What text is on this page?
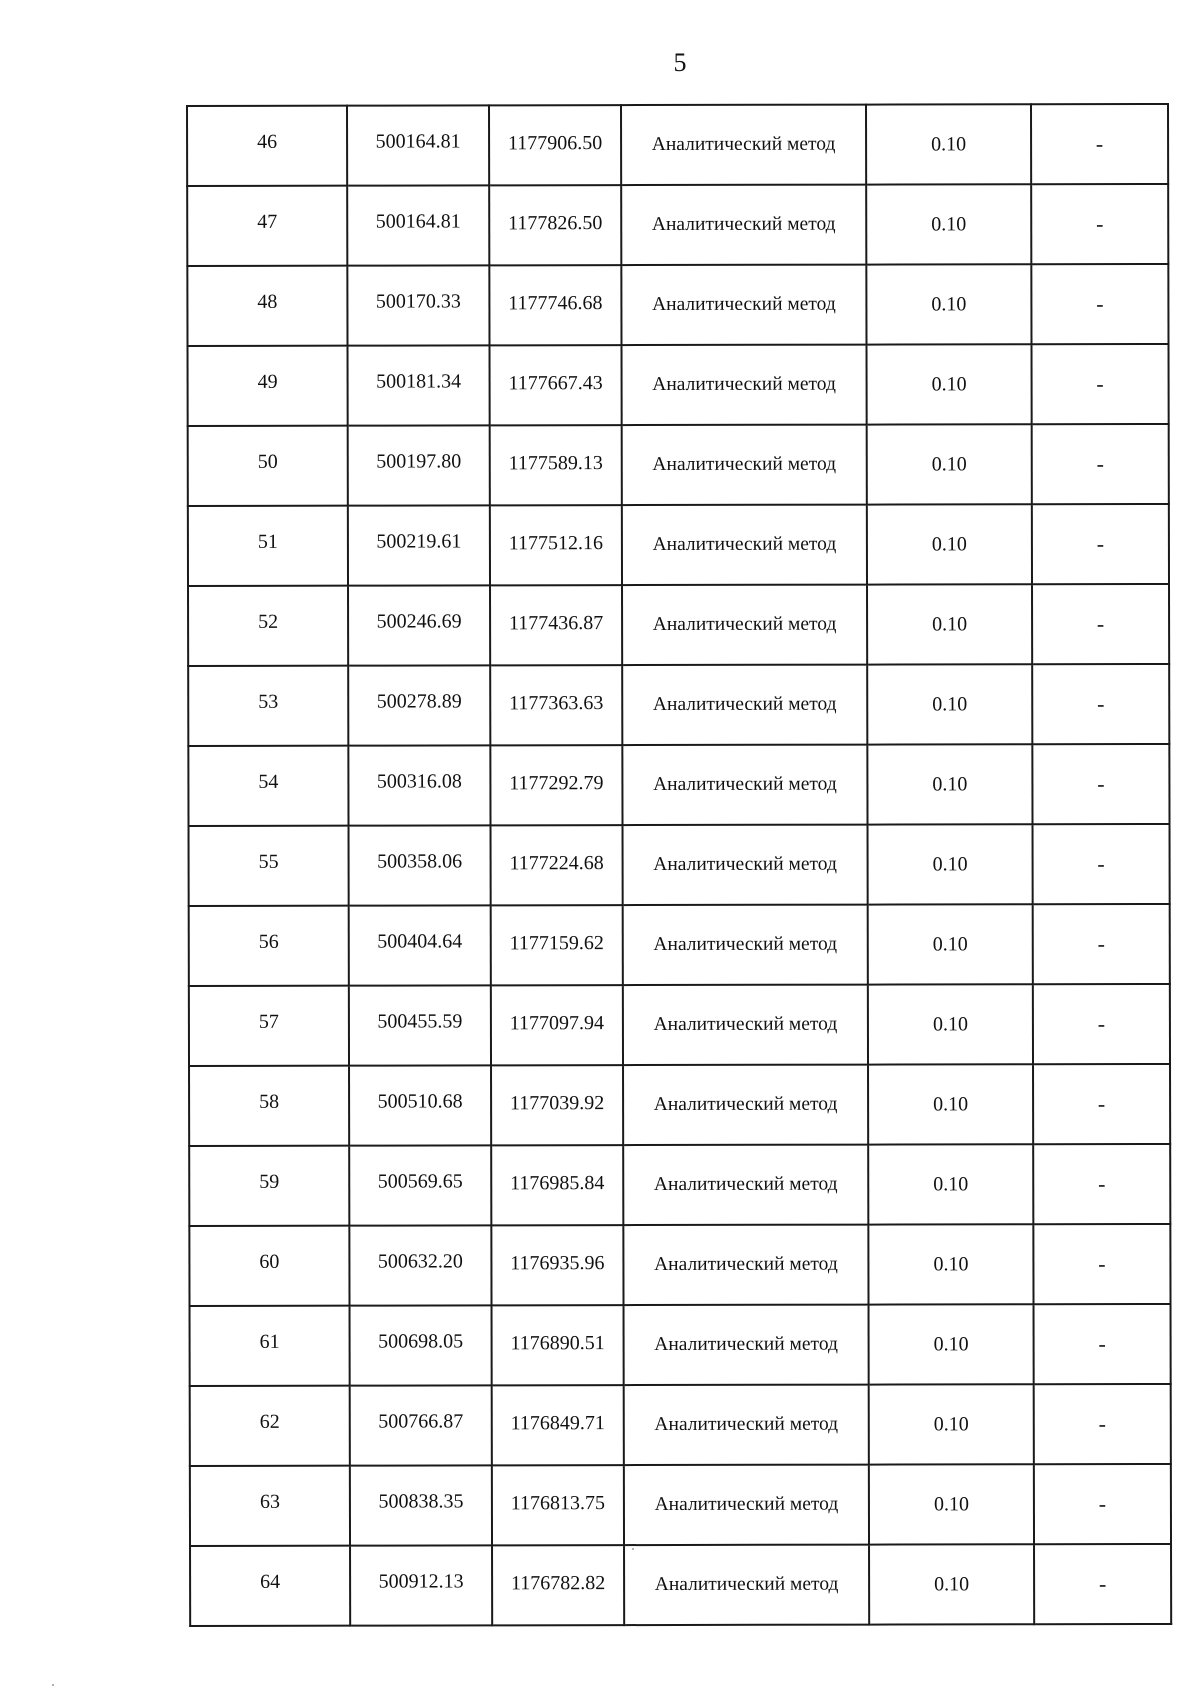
5
46	500164.81	1177906.50	Аналитический метод	0.10	-
47	500164.81	1177826.50	Аналитический метод	0.10	-
48	500170.33	1177746.68	Аналитический метод	0.10	-
49	500181.34	1177667.43	Аналитический метод	0.10	-
50	500197.80	1177589.13	Аналитический метод	0.10	-
51	500219.61	1177512.16	Аналитический метод	0.10	-
52	500246.69	1177436.87	Аналитический метод	0.10	-
53	500278.89	1177363.63	Аналитический метод	0.10	-
54	500316.08	1177292.79	Аналитический метод	0.10	-
55	500358.06	1177224.68	Аналитический метод	0.10	-
56	500404.64	1177159.62	Аналитический метод	0.10	-
57	500455.59	1177097.94	Аналитический метод	0.10	-
58	500510.68	1177039.92	Аналитический метод	0.10	-
59	500569.65	1176985.84	Аналитический метод	0.10	-
60	500632.20	1176935.96	Аналитический метод	0.10	-
61	500698.05	1176890.51	Аналитический метод	0.10	-
62	500766.87	1176849.71	Аналитический метод	0.10	-
63	500838.35	1176813.75	Аналитический метод	0.10	-
64	500912.13	1176782.82	Аналитический метод	0.10	-
